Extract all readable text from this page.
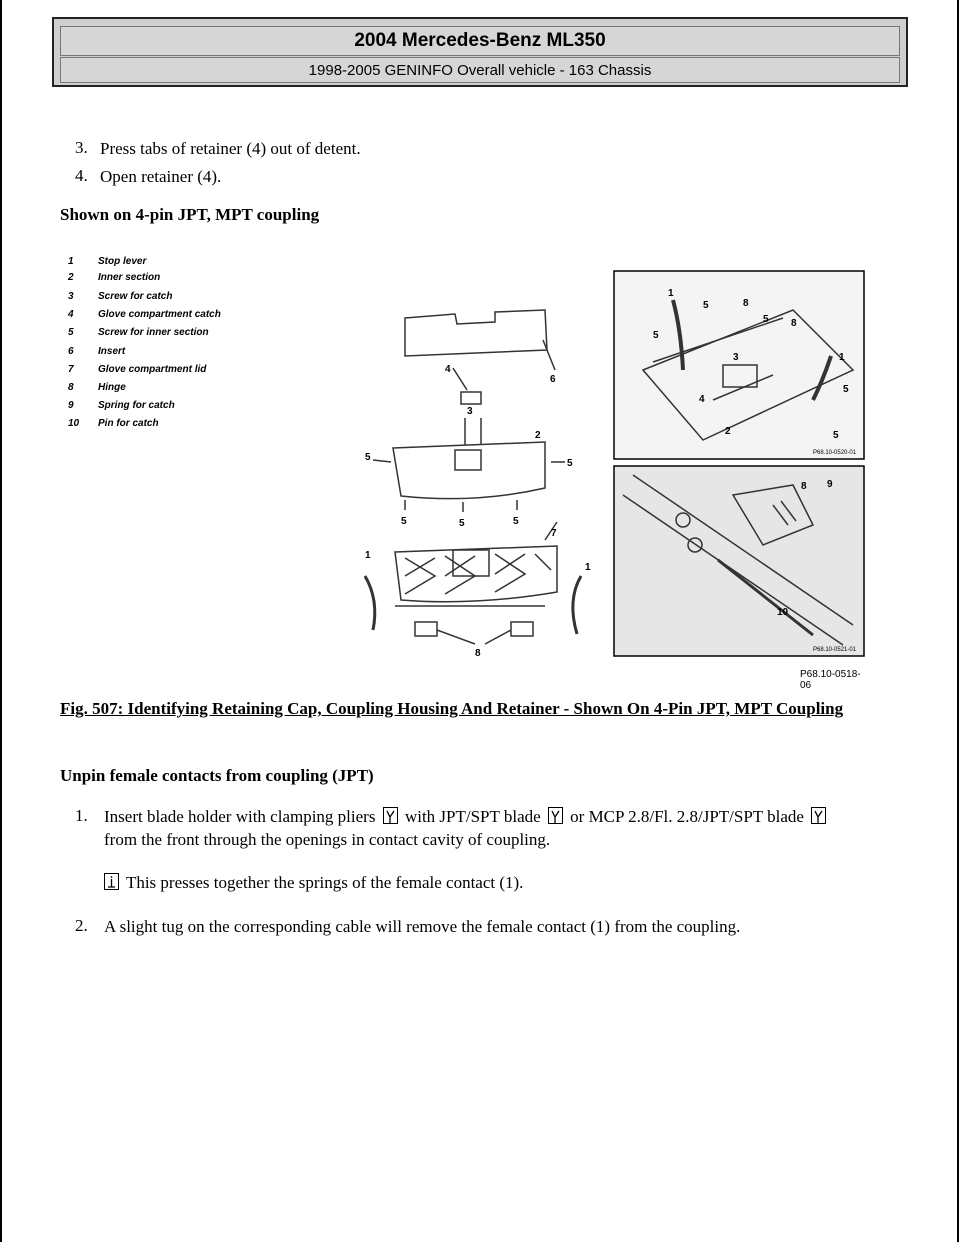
2004 Mercedes-Benz ML350
1998-2005 GENINFO Overall vehicle - 163 Chassis
3. Press tabs of retainer (4) out of detent.
4. Open retainer (4).
Shown on 4-pin JPT, MPT coupling
1 Stop lever
2 Inner section
3 Screw for catch
4 Glove compartment catch
5 Screw for inner section
6 Insert
7 Glove compartment lid
8 Hinge
9 Spring for catch
10 Pin for catch
6
4
3
2
5
5
5	5	5
7
1
1
8
1
5	8
5 8
1
5
5
4
3
2	5
P68.10-0520-01
9
8
10
P68.10-0521-01
P68.10-0518-06
Fig. 507: Identifying Retaining Cap, Coupling Housing And Retainer - Shown On 4-Pin JPT, MPT Coupling
Unpin female contacts from coupling (JPT)
1. Insert blade holder with clamping pliers with JPT/SPT blade or MCP 2.8/Fl. 2.8/JPT/SPT blade
from the front through the openings in contact cavity of coupling.
This presses together the springs of the female contact (1).
2. A slight tug on the corresponding cable will remove the female contact (1) from the coupling.
